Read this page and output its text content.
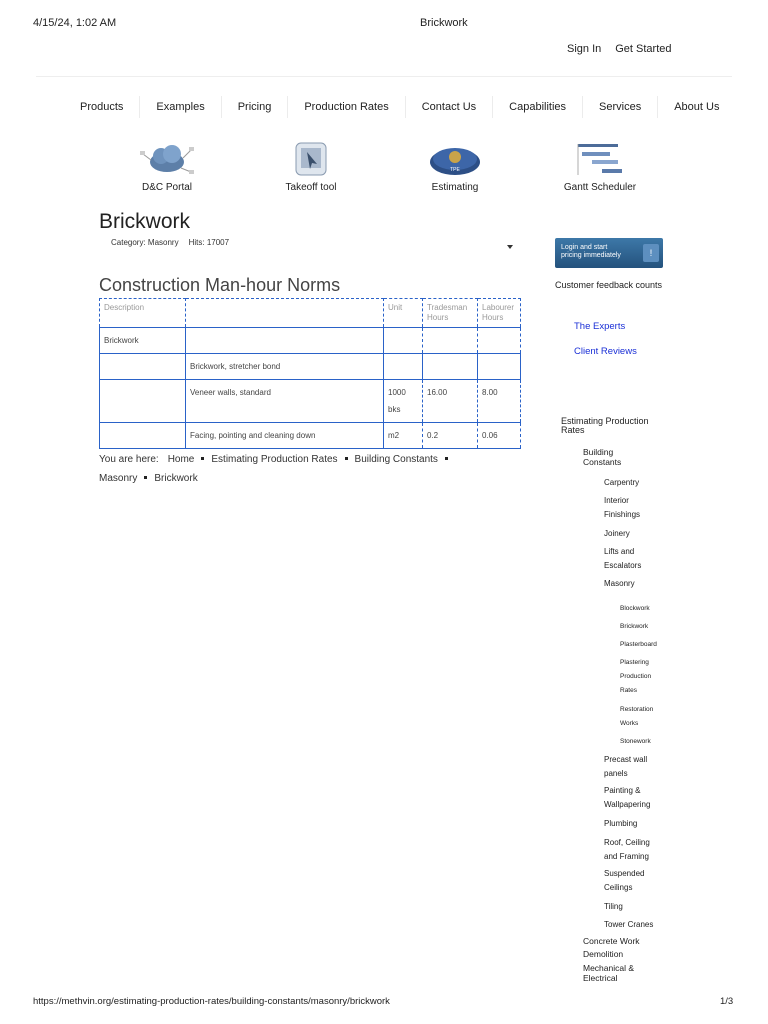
4/15/24, 1:02 AM	Brickwork
Sign In Get Started
Products	Examples	Pricing	Production Rates	Contact Us	Capabilities	Services	About Us
D&C Portal	Takeoff tool
TPE
Estimating	Gantt Scheduler
Brickwork
Category: Masonry Hits: 17007
Construction Man-hour Norms
Description		Unit	Tradesman Hours	Labourer Hours
Brickwork				
	Brickwork, stretcher bond			
	Veneer walls, standard	1000 bks	16.00	8.00
	Facing, pointing and cleaning down	m2	0.2	0.06
You are here: Home Estimating Production Rates Building Constants
Masonry Brickwork
Login and start
pricing immediately	!
Customer feedback counts
The Experts
Client Reviews
Estimating Production Rates
Building Constants
Carpentry
Interior Finishings
Joinery
Lifts and Escalators
Masonry
Blockwork
Brickwork
Plasterboard
Plastering Production Rates
Restoration Works
Stonework
Precast wall panels
Painting & Wallpapering
Plumbing
Roof, Ceiling and Framing
Suspended Ceilings
Tiling
Tower Cranes
Concrete Work
Demolition
Mechanical & Electrical
https://methvin.org/estimating-production-rates/building-constants/masonry/brickwork	1/3
